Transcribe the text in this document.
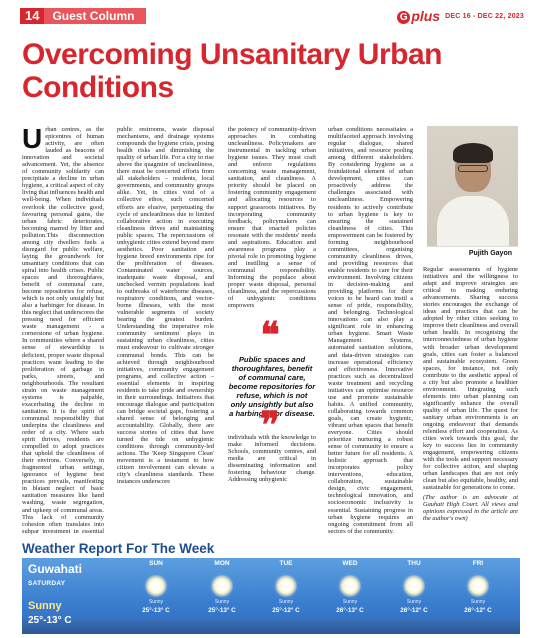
14	Guest Column	G plus DEC 16 - DEC 22, 2023
Overcoming Unsanitary Urban Conditions
U rban centres, as the epicentres of human activity, are often lauded as beacons of innovation and societal advancement. Yet, the absence of community solidarity can precipitate a decline in urban hygiene, a critical aspect of city living that influences health and well-being. When individuals overlook the collective good, favouring personal gains, the urban fabric deteriorates, becoming marred by litter and pollution.This disconnection among city dwellers fuels a disregard for public welfare, laying the groundwork for unsanitary conditions that can spiral into health crises. Public spaces and thoroughfares, benefit of communal care, become repositories for refuse, which is not only unsightly but also a harbinger for disease. In this neglect that underscores the pressing need for efficient waste management - a cornerstone of urban hygiene. In communities where a shared sense of stewardship is deficient, proper waste disposal practices wane leading to the proliferation of garbage in parks, streets, and neighbourhoods. The resultant strain on waste management systems is palpable, exacerbating the decline in sanitation. It is the spirit of communal responsibility that underpins the cleanliness and order of a city. Where such spirit thrives, residents are compelled to adopt practices that uphold the cleanliness of their environs. Conversely, in fragmented urban settings, ignorance of hygiene best practices prevails, manifesting in blatant neglect of basic sanitation measures like hand washing, waste segregation, and upkeep of communal areas. This lack of community cohesion often translates into subpar investment in essential

public restrooms, waste disposal mechanisms, and drainage systems compounds the hygiene crisis, posing health risks and diminishing the quality of urban life. For a city to rise above the quagmire of uncleanliness, there must be concerted efforts from all stakeholders – residents, local governments, and community groups alike. Yet, in cities void of a collective ethos, such concerted efforts are elusive, perpetuating the cycle of uncleanliness due to limited collaborative action in executing cleanliness drives and maintaining public spaces. The repercussions of unhygienic cities extend beyond mere aesthetics. Poor sanitation and hygiene breed environments ripe for the proliferation of diseases. Contaminated water sources, inadequate waste disposal, and unchecked vermin populations lead to outbreaks of waterborne diseases, respiratory conditions, and vector-borne illnesses, with the most vulnerable segments of society bearing the greatest burden. Understanding the imperative role community sentiment plays in sustaining urban cleanliness, cities must endeavour to cultivate stronger communal bonds. This can be achieved through neighbourhood initiatives, community engagement programs, and collective action – essential elements in inspiring residents to take pride and ownership in their surroundings. Initiatives that encourage dialogue and participation can bridge societal gaps, fostering a shared sense of belonging and accountability. Globally, there are success stories of cities that have turned the tide on unhygienic conditions through community-led actions. The 'Keep Singapore Clean' movement is a testament to how citizen involvement can elevate a city's cleanliness standards. These instances underscore

the potency of community-driven approaches in combating uncleanliness. Policymakers are instrumental in tackling urban hygiene issues. They must craft and enforce regulations concerning waste management, sanitation, and cleanliness. A priority should be placed on fostering community engagement and allocating resources to support grassroots initiatives. By incorporating community feedback, policymakers can ensure that enacted policies resonate with the residents' needs and aspirations. Education and awareness programs play a pivotal role in promoting hygiene and instilling a sense of communal responsibility. Informing the populace about proper waste disposal, personal cleanliness, and the repercussions of unhygienic conditions empowers

❝
Public spaces and thoroughfares, benefit of communal care, become repositories for refuse, which is not only unsightly but also a harbinger for disease.
❞

individuals with the knowledge to make informed decisions. Schools, community centres, and media are critical in disseminating information and fostering behaviour change. Addressing unhygienic

urban conditions necessitates a multifaceted approach involving regular dialogue, shared initiatives, and resource pooling among different stakeholders. By considering hygiene as a foundational element of urban development, cities can proactively address the challenges associated with uncleanliness. Empowering residents to actively contribute to urban hygiene is key to ensuring the sustained cleanliness of cities. This empowerment can be fostered by forming neighbourhood committees, organising community cleanliness drives, and providing resources that enable residents to care for their environment. Involving citizens in decision-making and providing platforms for their voices to be heard can instil a sense of pride, responsibility, and belonging. Technological innovations can also play a significant role in enhancing urban hygiene. Smart Waste Management Systems, automated sanitation solutions, and data-driven strategies can increase operational efficiency and effectiveness. Innovative practices such as decentralized waste treatment and recycling initiatives can optimise resource use and promote sustainable habits. A unified community, collaborating towards common goals, can create hygienic, vibrant urban spaces that benefit everyone. Cities should prioritize nurturing a robust sense of community to ensure a better future for all residents. A holistic approach that incorporates policy interventions, education, collaboration, sustainable design, civic engagement, technological innovation, and socioeconomic inclusivity is essential. Sustaining progress in urban hygiene requires an ongoing commitment from all sectors of the community.

Pujith Gayon

Regular assessments of hygiene initiatives and the willingness to adapt and improve strategies are critical to making enduring advancements. Sharing success stories encourages the exchange of ideas and practices that can be adopted by other cities seeking to improve their cleanliness and overall urban health. In recognising the interconnectedness of urban hygiene with broader urban development goals, cities can foster a balanced and sustainable ecosystem. Green spaces, for instance, not only contribute to the aesthetic appeal of a city but also promote a healthier environment. Integrating such elements into urban planning can significantly enhance the overall quality of urban life. The quest for sanitary urban environments is an ongoing endeavour that demands relentless effort and cooperation. As cities work towards this goal, the key to success lies in community engagement, empowering citizens with the tools and support necessary for collective action, and shaping urban landscapes that are not only clean but also equitable, healthy, and sustainable for generations to come.

(The author is an advocate at Gauhati High Court. All views and opinions expressed in the article are the author's own)

Weather Report For The Week
Guwahati
SATURDAY
Sunny
25°-13° C
SUN
Sunny
25°-13° C
MON
Sunny
25°-13° C
TUE
Sunny
25°-12° C
WED
Sunny
26°-13° C
THU
Sunny
26°-12° C
FRI
Sunny
26°-12° C
